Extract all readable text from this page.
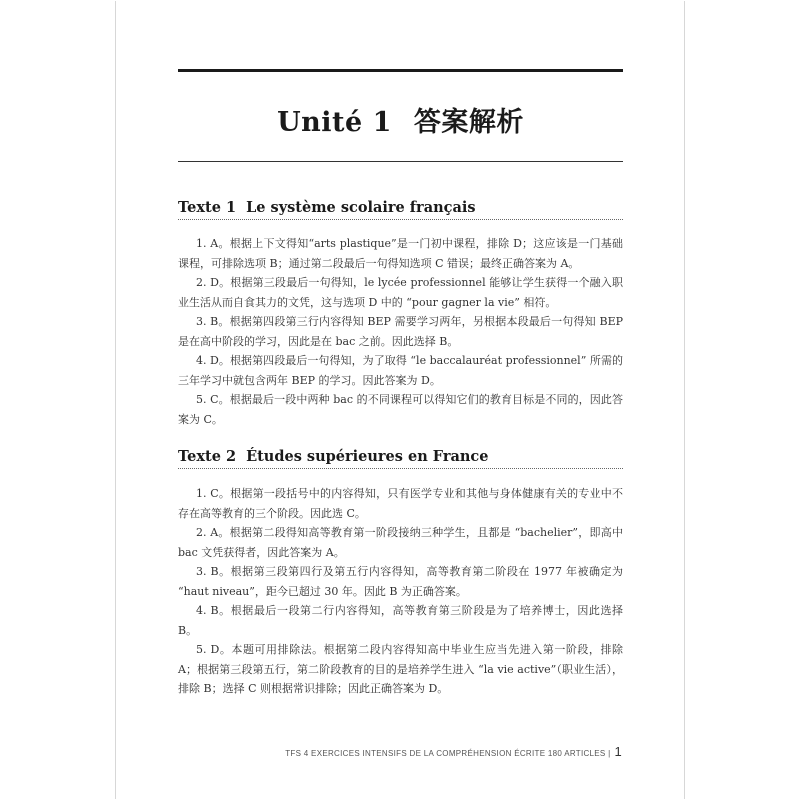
Unité 1 答案解析
Texte 1 Le système scolaire français

1. A。根据上下文得知“arts plastique”是一门初中课程，排除 D；这应该是一门基础课程，可排除选项 B；通过第二段最后一句得知选项 C 错误；最终正确答案为 A。

2. D。根据第三段最后一句得知，le lycée professionnel 能够让学生获得一个融入职业生活从而自食其力的文凭，这与选项 D 中的 “pour gagner la vie” 相符。

3. B。根据第四段第三行内容得知 BEP 需要学习两年，另根据本段最后一句得知 BEP 是在高中阶段的学习，因此是在 bac 之前。因此选择 B。

4. D。根据第四段最后一句得知，为了取得 “le baccalauréat professionnel” 所需的三年学习中就包含两年 BEP 的学习。因此答案为 D。

5. C。根据最后一段中两种 bac 的不同课程可以得知它们的教育目标是不同的，因此答案为 C。

Texte 2 Études supérieures en France

1. C。根据第一段括号中的内容得知，只有医学专业和其他与身体健康有关的专业中不存在高等教育的三个阶段。因此选 C。

2. A。根据第二段得知高等教育第一阶段接纳三种学生，且都是 “bachelier”，即高中 bac 文凭获得者，因此答案为 A。

3. B。根据第三段第四行及第五行内容得知，高等教育第二阶段在 1977 年被确定为 “haut niveau”，距今已超过 30 年。因此 B 为正确答案。

4. B。根据最后一段第二行内容得知，高等教育第三阶段是为了培养博士，因此选择 B。

5. D。本题可用排除法。根据第二段内容得知高中毕业生应当先进入第一阶段，排除 A；根据第三段第五行，第二阶段教育的目的是培养学生进入 “la vie active”（职业生活），排除 B；选择 C 则根据常识排除；因此正确答案为 D。

TFS 4 EXERCICES INTENSIFS DE LA COMPRÉHENSION ÉCRITE 180 ARTICLES | 1
